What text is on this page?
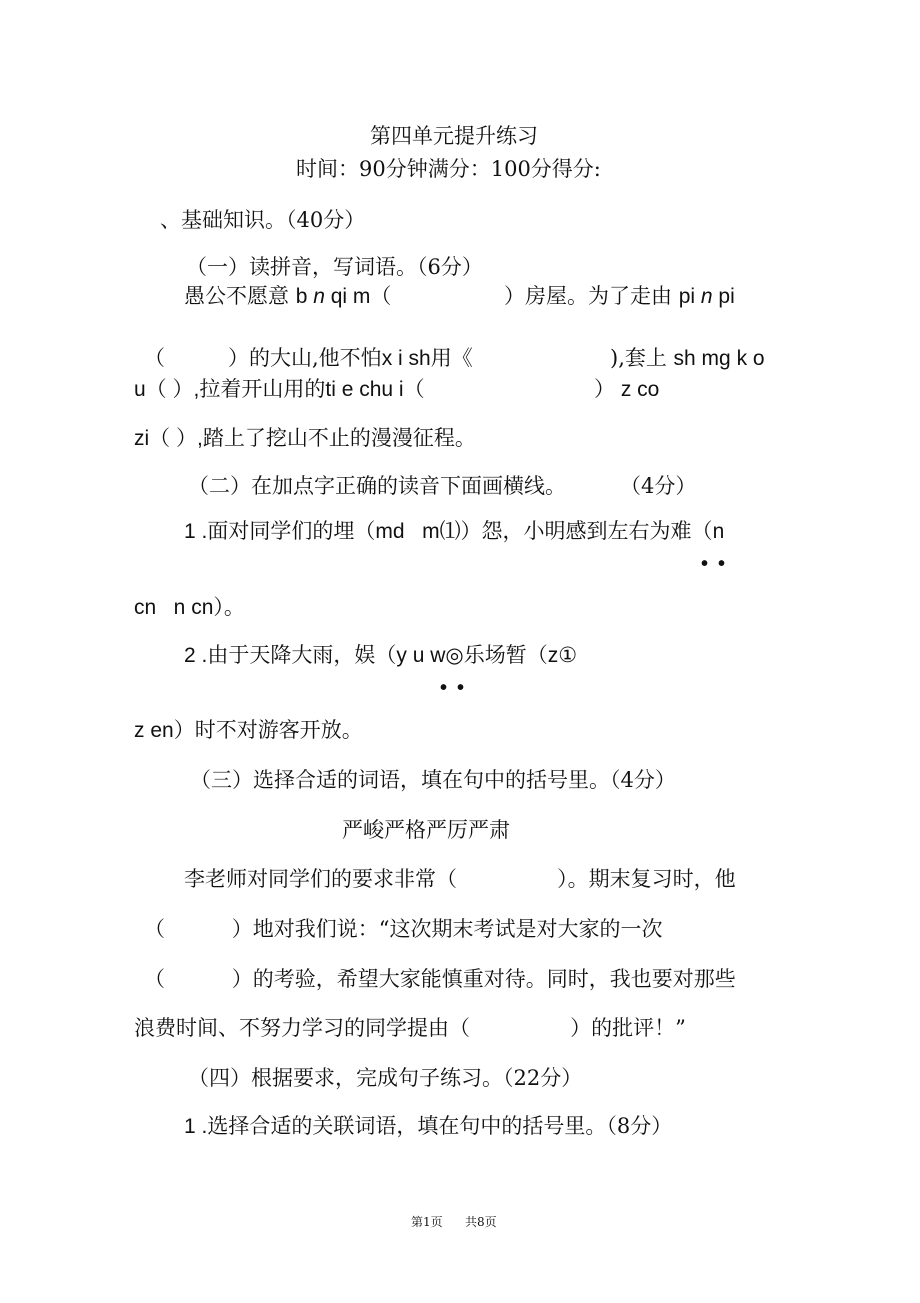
第四单元提升练习
时间：90分钟满分：100分得分:
、基础知识。（40分）
（一）读拼音，写词语。（6分）
愚公不愿意 b n qi m（	）房屋。为了走由 pi n pi
（	）的大山,他不怕x i sh用《	),套上 sh mg k o
u（ ）,拉着开山用的ti e chu i（	） z co
zi（ ）,踏上了挖山不止的漫漫征程。
（二）在加点字正确的读音下面画横线。	（4分）
1 .面对同学们的埋（md m⑴）怨，小明感到左右为难（n
••
cn   n cn）。
2 .由于天降大雨，娱（y u w◎乐场暂（z①
••
z en）时不对游客开放。
（三）选择合适的词语，填在句中的括号里。（4分）
严峻严格严厉严肃
李老师对同学们的要求非常（               ）。期末复习时，他
（          ）地对我们说：“这次期末考试是对大家的一次
（          ）的考验，希望大家能慎重对待。同时，我也要对那些
浪费时间、不努力学习的同学提由（               ）的批评！”
（四）根据要求，完成句子练习。（22分）
1 .选择合适的关联词语，填在句中的括号里。（8分）
第1页 共8页
